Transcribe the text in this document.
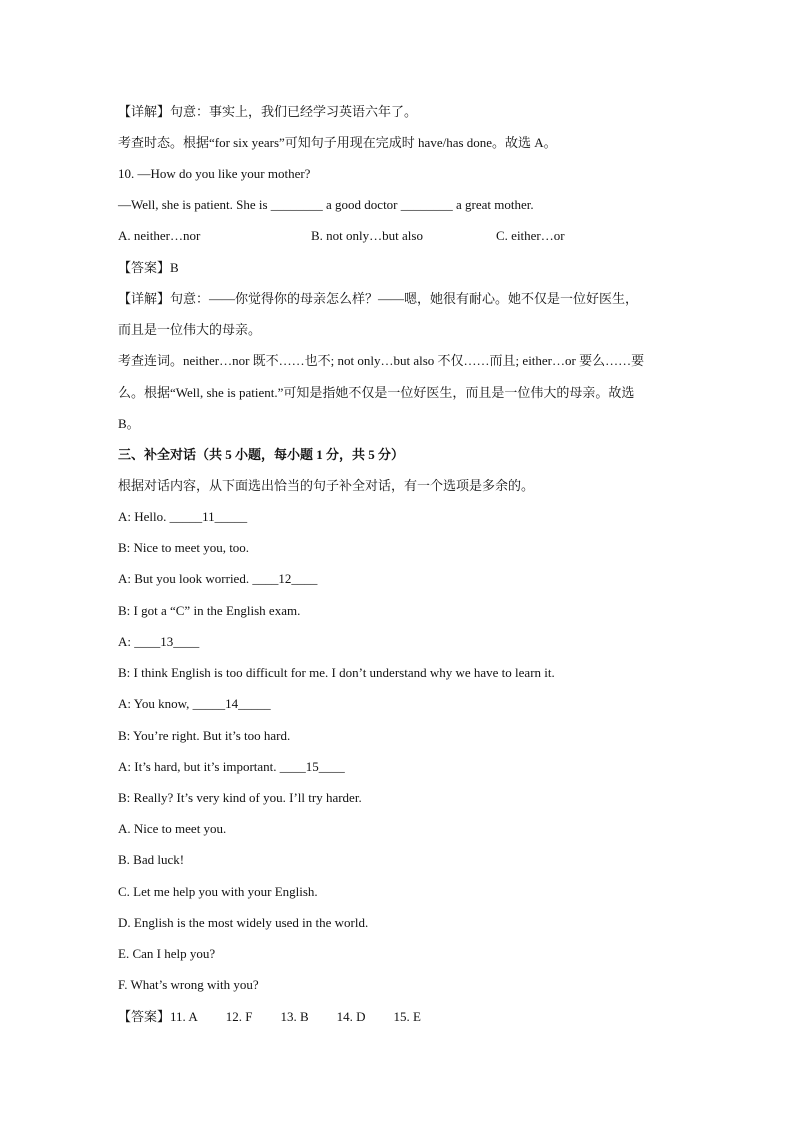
【详解】句意：事实上，我们已经学习英语六年了。
考查时态。根据“for six years”可知句子用现在完成时 have/has done。故选 A。
10. —How do you like your mother?
—Well, she is patient. She is ________ a good doctor ________ a great mother.
A. neither…nor	B. not only…but also	C. either…or
【答案】B
【详解】句意：——你觉得你的母亲怎么样？——嗯，她很有耐心。她不仅是一位好医生，
而且是一位伟大的母亲。
考查连词。neither…nor 既不……也不; not only…but also 不仅……而且; either…or 要么……要
么。根据“Well, she is patient.”可知是指她不仅是一位好医生，而且是一位伟大的母亲。故选
B。
三、补全对话（共 5 小题，每小题 1 分，共 5 分）
根据对话内容，从下面选出恰当的句子补全对话，有一个选项是多余的。
A: Hello. _____11_____
B: Nice to meet you, too.
A: But you look worried. ____12____
B: I got a “C” in the English exam.
A: ____13____
B: I think English is too difficult for me. I don’t understand why we have to learn it.
A: You know, _____14_____
B: You’re right. But it’s too hard.
A: It’s hard, but it’s important. ____15____
B: Really? It’s very kind of you. I’ll try harder.
A. Nice to meet you.
B. Bad luck!
C. Let me help you with your English.
D. English is the most widely used in the world.
E. Can I help you?
F. What’s wrong with you?
【答案】11. A 12. F 13. B 14. D 15. E
